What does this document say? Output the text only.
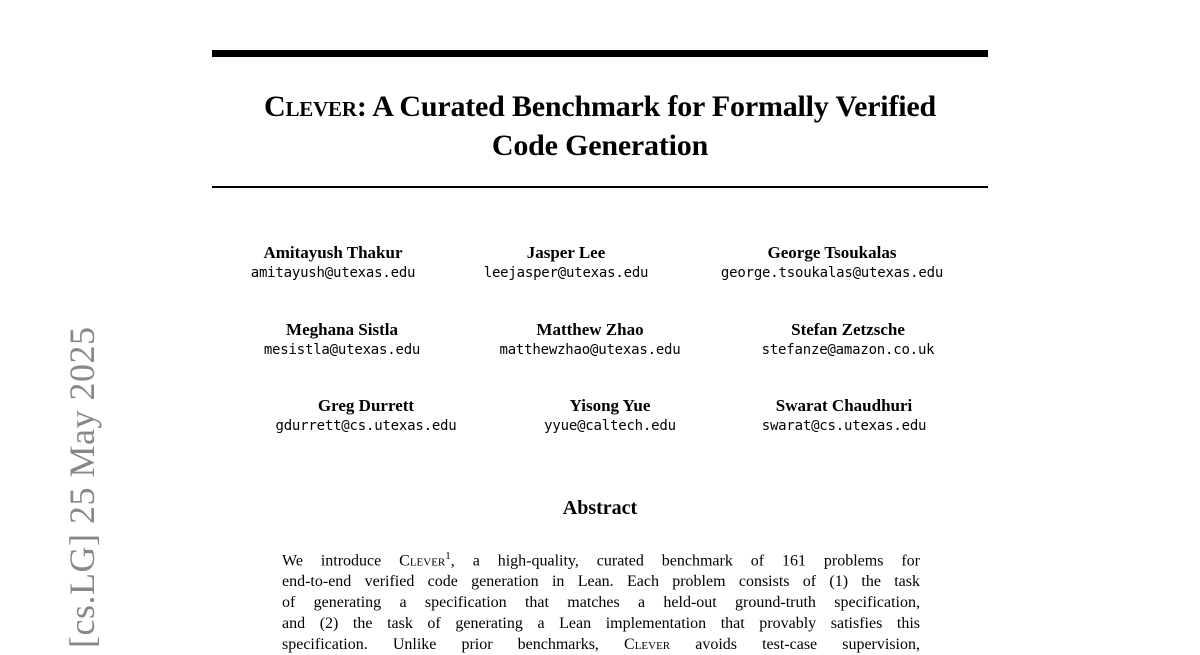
[cs.LG] 25 May 2025
Clever: A Curated Benchmark for Formally Verified
Code Generation
Amitayush Thakur
amitayush@utexas.edu
Jasper Lee
leejasper@utexas.edu
George Tsoukalas
george.tsoukalas@utexas.edu
Meghana Sistla
mesistla@utexas.edu
Matthew Zhao
matthewzhao@utexas.edu
Stefan Zetzsche
stefanze@amazon.co.uk
Greg Durrett
gdurrett@cs.utexas.edu
Yisong Yue
yyue@caltech.edu
Swarat Chaudhuri
swarat@cs.utexas.edu
Abstract
We introduce Clever$^1$, a high-quality, curated benchmark of 161 problems for
end-to-end verified code generation in Lean. Each problem consists of (1) the task
of generating a specification that matches a held-out ground-truth specification,
and (2) the task of generating a Lean implementation that provably satisfies this
specification. Unlike prior benchmarks, Clever avoids test-case supervision,
